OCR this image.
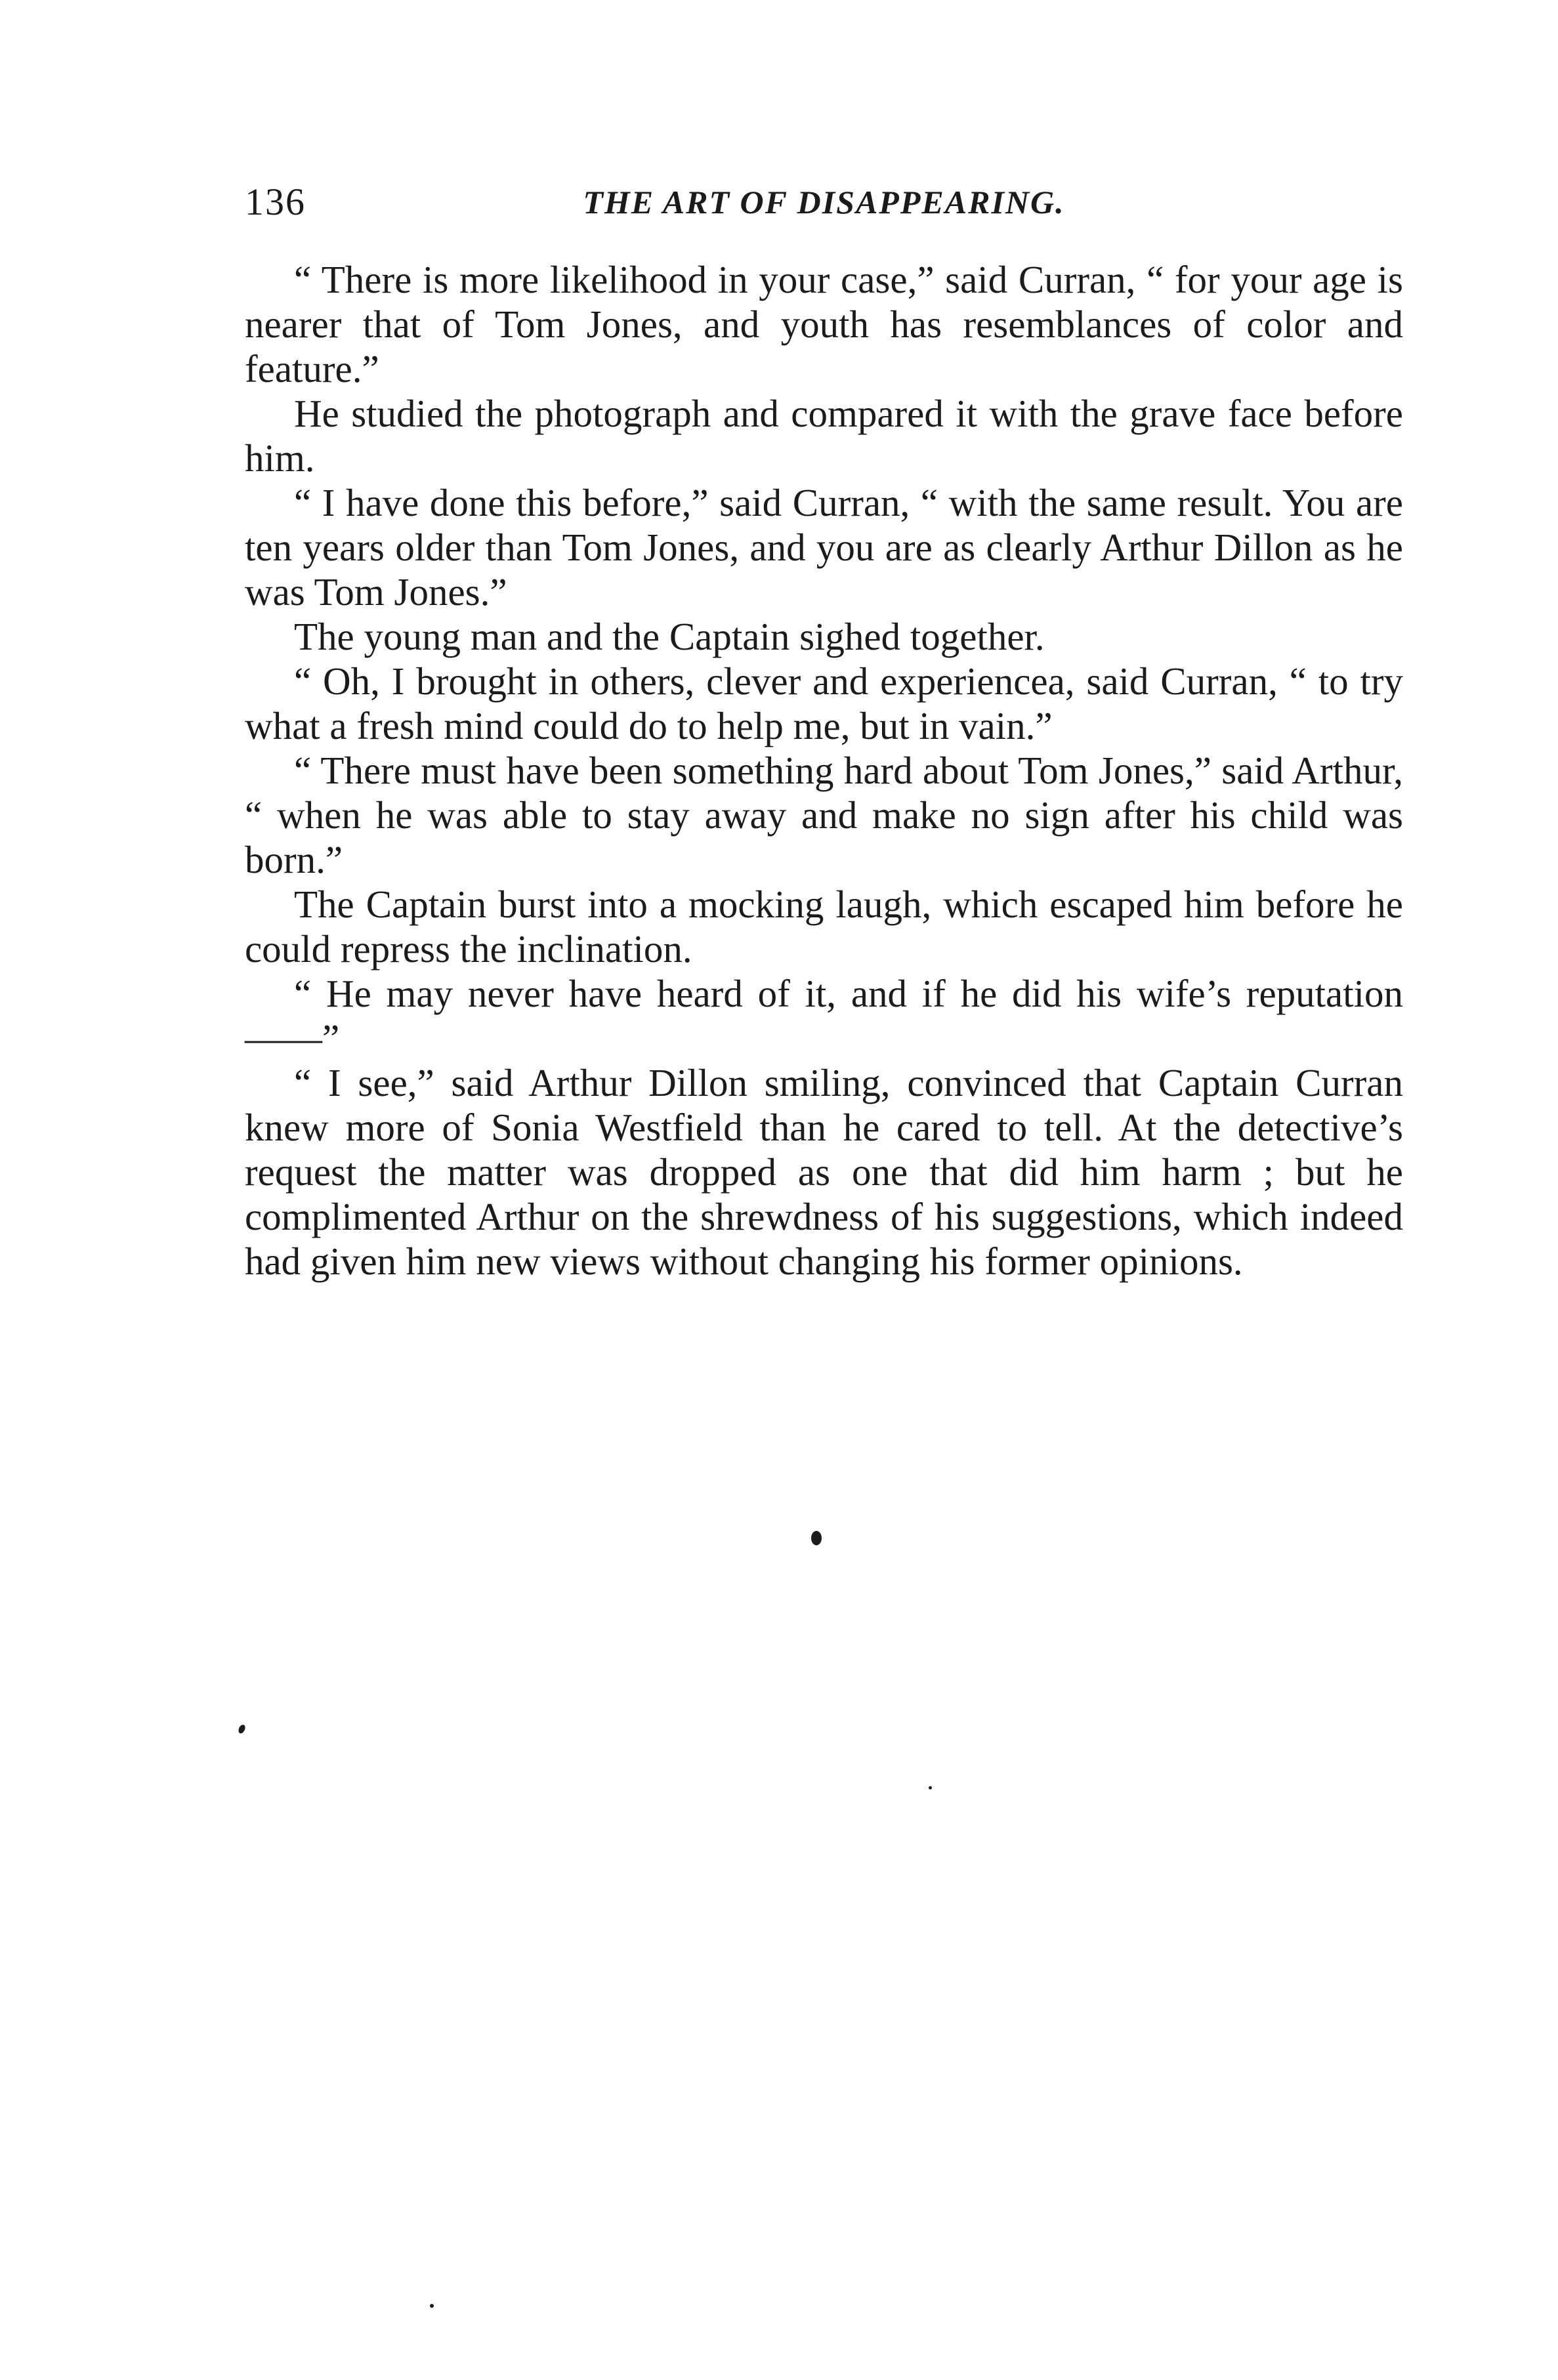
136	THE ART OF DISAPPEARING.

“ There is more likelihood in your case,” said Curran, “ for your age is nearer that of Tom Jones, and youth has resemblances of color and feature.”

He studied the photograph and compared it with the grave face before him.

“ I have done this before,” said Curran, “ with the same result. You are ten years older than Tom Jones, and you are as clearly Arthur Dillon as he was Tom Jones.”

The young man and the Captain sighed together.

“ Oh, I brought in others, clever and experiencea, said Curran, “ to try what a fresh mind could do to help me, but in vain.”

“ There must have been something hard about Tom Jones,” said Arthur, “ when he was able to stay away and make no sign after his child was born.”

The Captain burst into a mocking laugh, which escaped him before he could repress the inclination.

“ He may never have heard of it, and if he did his wife’s reputation——”

“ I see,” said Arthur Dillon smiling, convinced that Captain Curran knew more of Sonia Westfield than he cared to tell. At the detective’s request the matter was dropped as one that did him harm ; but he complimented Arthur on the shrewdness of his suggestions, which indeed had given him new views without changing his former opinions.
